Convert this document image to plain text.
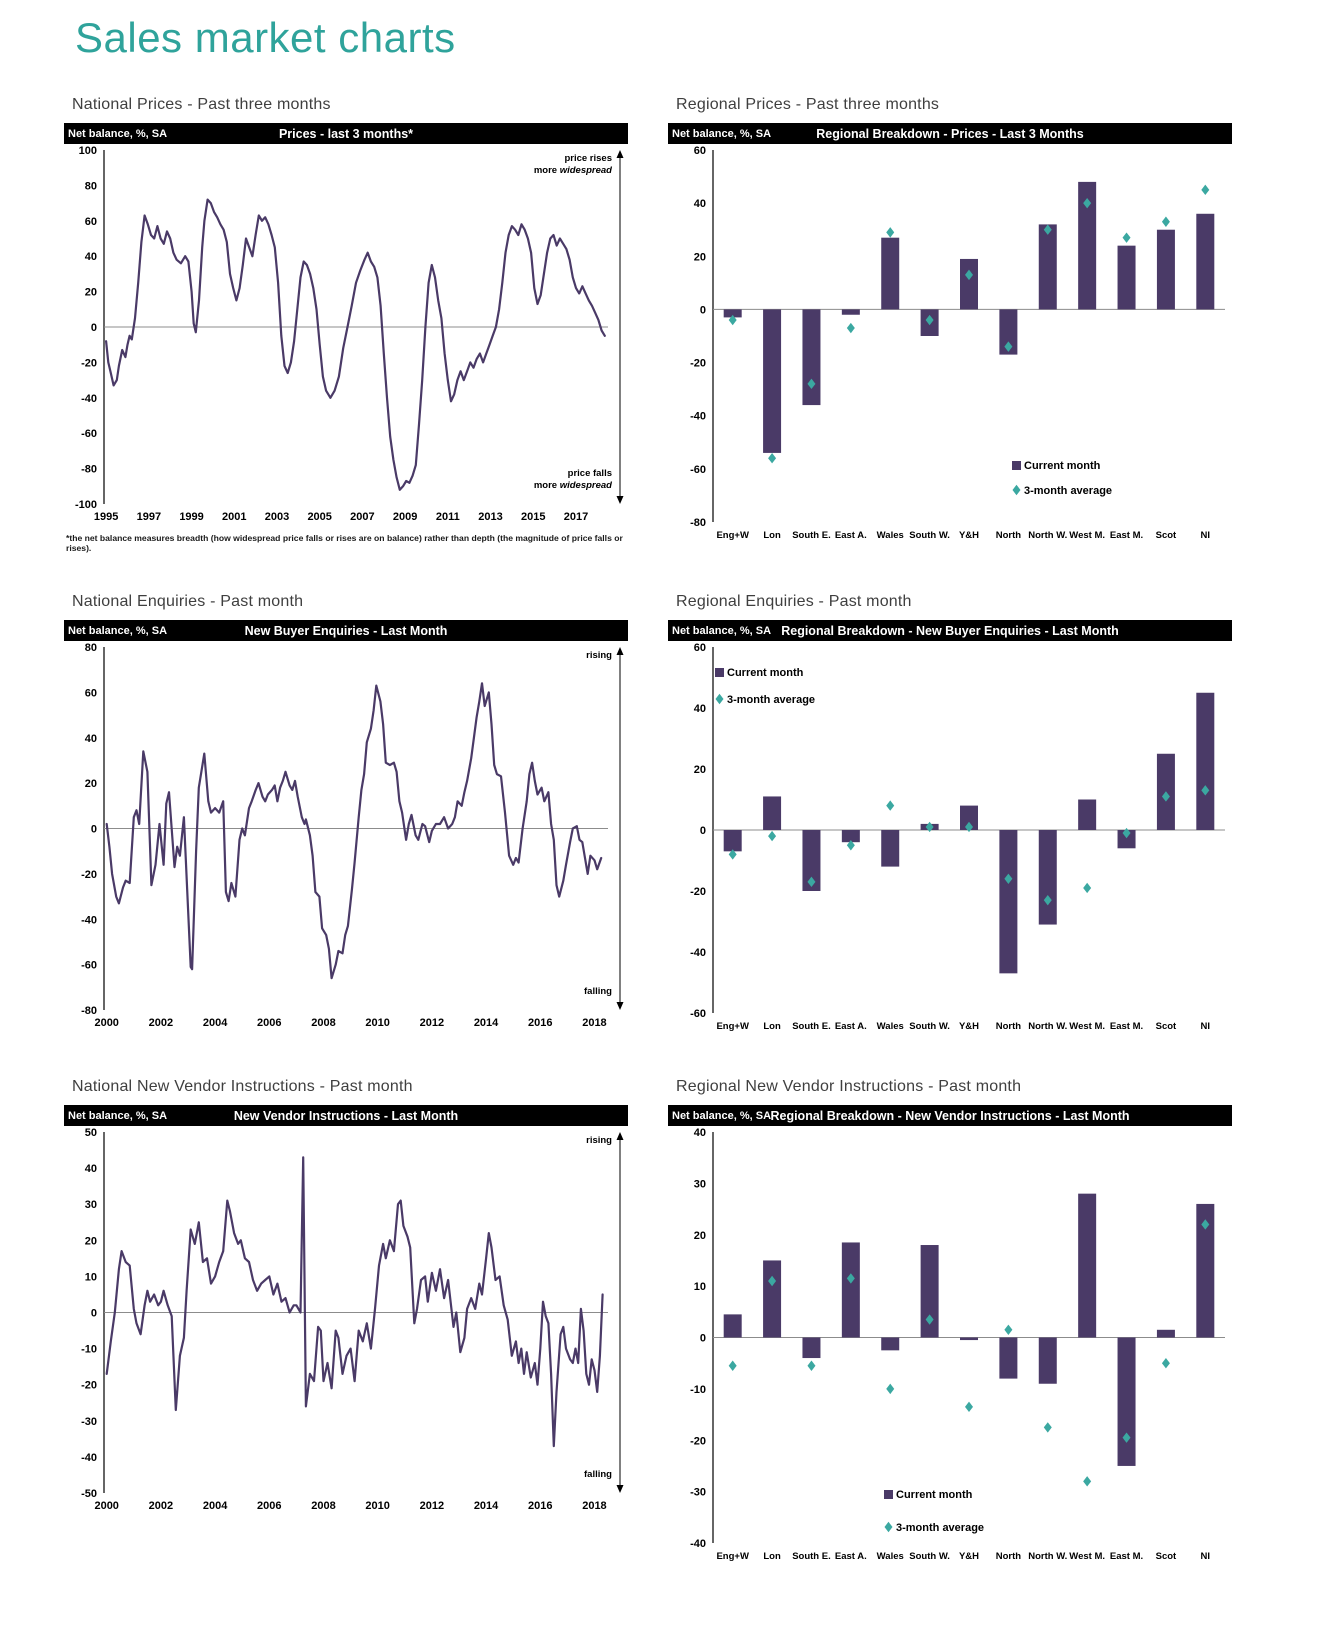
Sales market charts
National Prices - Past three months
Net balance, %, SA	Prices - last 3 months*
100
80
60
40
20
0
-20
-40
-60
-80
-100
1995 1997 1999 2001 2003 2005 2007 2009 2011 2013 2015 2017
price rises
more widespread
price falls
more widespread

*the net balance measures breadth (how widespread price falls or rises are on balance) rather than depth (the magnitude of price falls or rises).

Regional Prices - Past three months
Net balance, %, SA	Regional Breakdown - Prices - Last 3 Months
60
40
20
0
-20
-40
-60
-80
Eng+W Lon South E. East A. Wales South W. Y&H North North W. West M. East M. Scot	NI
Current month
3-month average
National Enquiries - Past month
Net balance, %, SA	New Buyer Enquiries - Last Month
80
60
40
20
0
-20
-40
-60
-80
2000	2002	2004	2006	2008	2010	2012	2014	2016	2018
rising
falling
Regional Enquiries - Past month
Net balance, %, SA Regional Breakdown - New Buyer Enquiries - Last Month
60
40
20
0
-20
-40
-60
Eng+W Lon South E. East A. Wales South W. Y&H North North W. West M. East M. Scot	NI
Current month
3-month average
National New Vendor Instructions - Past month
Net balance, %, SA	New Vendor Instructions - Last Month
50
40
30
20
10
0
-10
-20
-30
-40
-50
2000	2002	2004	2006	2008	2010	2012	2014	2016	2018
rising
falling
Regional New Vendor Instructions - Past month
Net balance, %, SA Regional Breakdown - New Vendor Instructions - Last Month
40
30
20
10
0
-10
-20
-30
-40
Eng+W Lon South E. East A. Wales South W. Y&H North North W. West M. East M. Scot	NI
Current month
3-month average
